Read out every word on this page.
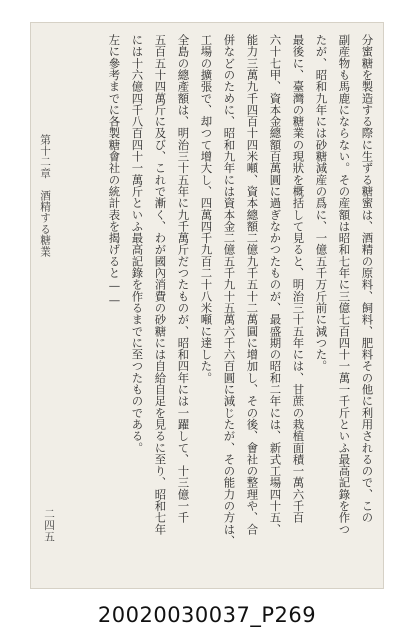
分蜜糖を製造する際に生ずる糖蜜は、酒精の原料、飼料、肥料その他に利用されるので、この
副産物も馬鹿にならない。その産額は昭和七年に三億七百四十一萬一千斤といふ最高記錄を作つ
たが、昭和九年には砂糖減産の爲に、一億五千万斤前に減つた。
最後に、臺灣の糖業の現狀を概括して見ると、明治三十五年には、甘蔗の栽植面積一萬六千百
六十七甲、資本金總額百萬圓に過ぎなかつたものが、最盛期の昭和二年には、新式工場四十五、
能力三萬九千四百十四米噸、資本總額二億九千五十二萬圓に增加し、その後、會社の整理や、合
併などのために、昭和九年には資本金二億五千九十五萬六千六百圓に減じたが、その能力の方は、
工場の擴張で、却つて增大し、四萬四千九百二十八米噸に達した。
全島の總產額は、明治三十五年に九千萬斤だつたものが、昭和四年には一躍して、十三億一千
五百五十四萬斤に及び、これで漸く、わが國內消費の砂糖には自給自足を見るに至り、昭和七年
には十六億四千八百四十一萬斤といふ最高記錄を作るまでに至つたものである。
左に參考までに各製糖會社の統計表を揭げると——
第十二章　酒精する糖業
二四五
20020030037_P269
